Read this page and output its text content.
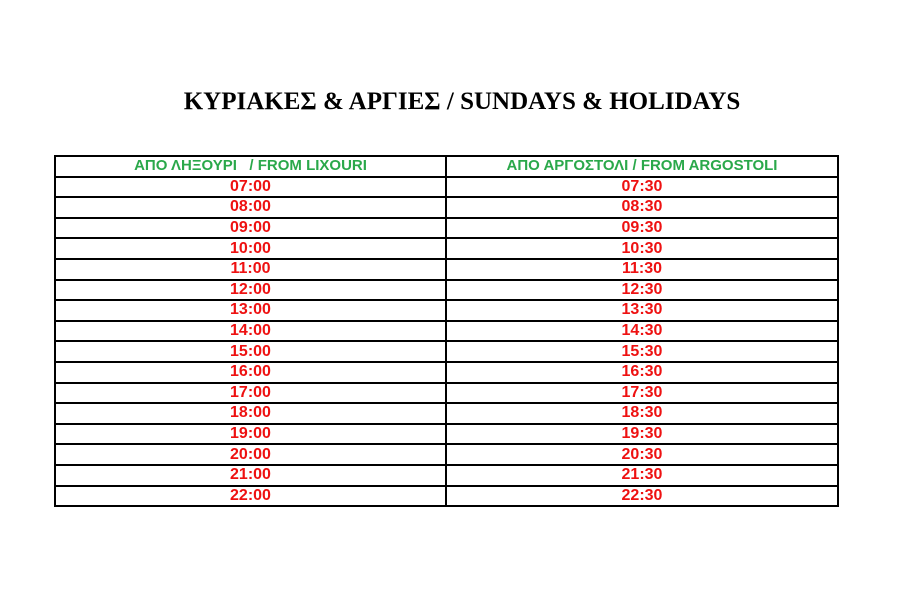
ΚΥΡΙΑΚΕΣ & ΑΡΓΙΕΣ / SUNDAYS & HOLIDAYS
ΑΠΟ ΛΗΞΟΥΡΙ   / FROM LIXOURI	ΑΠΟ ΑΡΓΟΣΤΟΛΙ / FROM ARGOSTOLI
07:00	07:30
08:00	08:30
09:00	09:30
10:00	10:30
11:00	11:30
12:00	12:30
13:00	13:30
14:00	14:30
15:00	15:30
16:00	16:30
17:00	17:30
18:00	18:30
19:00	19:30
20:00	20:30
21:00	21:30
22:00	22:30
